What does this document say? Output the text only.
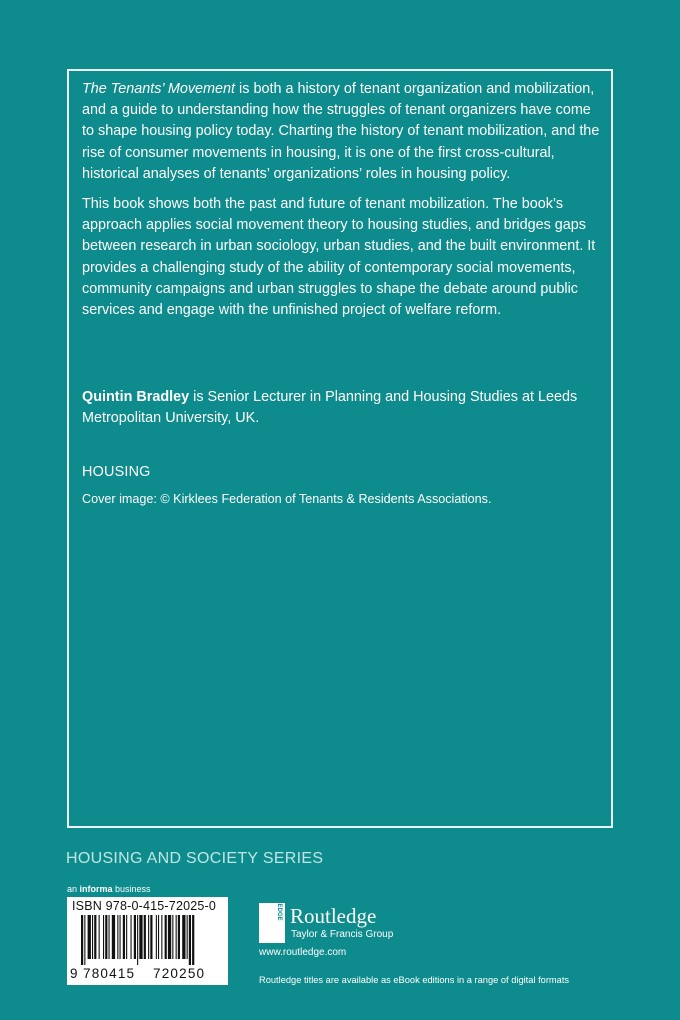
The Tenants’ Movement is both a history of tenant organization and mobilization, and a guide to understanding how the struggles of tenant organizers have come to shape housing policy today. Charting the history of tenant mobilization, and the rise of consumer movements in housing, it is one of the first cross-cultural, historical analyses of tenants’ organizations’ roles in housing policy.

This book shows both the past and future of tenant mobilization. The book’s approach applies social movement theory to housing studies, and bridges gaps between research in urban sociology, urban studies, and the built environment. It provides a challenging study of the ability of contemporary social movements, community campaigns and urban struggles to shape the debate around public services and engage with the unfinished project of welfare reform.

Quintin Bradley is Senior Lecturer in Planning and Housing Studies at Leeds Metropolitan University, UK.
HOUSING
Cover image: © Kirklees Federation of Tenants & Residents Associations.
HOUSING AND SOCIETY SERIES
an informa business
ISBN 978-0-415-72025-0
9 780415 720250
ROUTLEDGE Routledge
Taylor & Francis Group
www.routledge.com
Routledge titles are available as eBook editions in a range of digital formats
